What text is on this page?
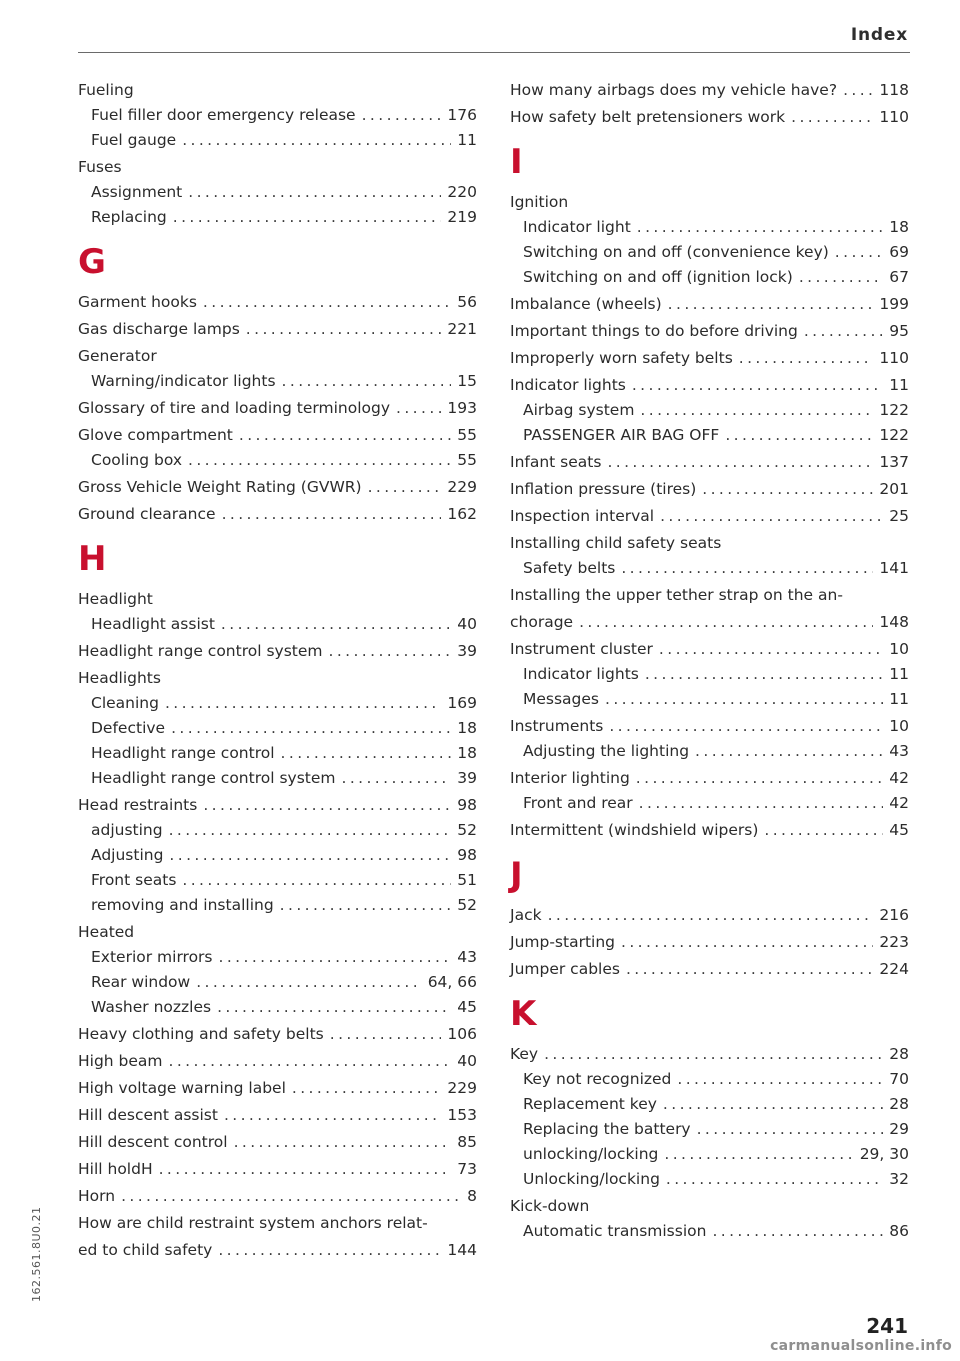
Index
Fueling
Fuel filler door emergency release .....	176
Fuel gauge .....	11
Fuses
Assignment .....	220
Replacing .....	219
G
Garment hooks .....	56
Gas discharge lamps .....	221
Generator
Warning/indicator lights .....	15
Glossary of tire and loading terminology .....	193
Glove compartment .....	55
Cooling box .....	55
Gross Vehicle Weight Rating (GVWR) .....	229
Ground clearance .....	162
H
Headlight
Headlight assist .....	40
Headlight range control system .....	39
Headlights
Cleaning .....	169
Defective .....	18
Headlight range control .....	18
Headlight range control system .....	39
Head restraints .....	98
adjusting .....	52
Adjusting .....	98
Front seats .....	51
removing and installing .....	52
Heated
Exterior mirrors .....	43
Rear window .....	64, 66
Washer nozzles .....	45
Heavy clothing and safety belts .....	106
High beam .....	40
High voltage warning label .....	229
Hill descent assist .....	153
Hill descent control .....	85
Hill holdH .....	73
Horn .....	8
How are child restraint system anchors relat-
ed to child safety .....	144
How many airbags does my vehicle have? .....	118
How safety belt pretensioners work .....	110
I
Ignition
Indicator light .....	18
Switching on and off (convenience key) .....	69
Switching on and off (ignition lock) .....	67
Imbalance (wheels) .....	199
Important things to do before driving .....	95
Improperly worn safety belts .....	110
Indicator lights .....	11
Airbag system .....	122
PASSENGER AIR BAG OFF .....	122
Infant seats .....	137
Inflation pressure (tires) .....	201
Inspection interval .....	25
Installing child safety seats
Safety belts .....	141
Installing the upper tether strap on the an-
chorage .....	148
Instrument cluster .....	10
Indicator lights .....	11
Messages .....	11
Instruments .....	10
Adjusting the lighting .....	43
Interior lighting .....	42
Front and rear .....	42
Intermittent (windshield wipers) .....	45
J
Jack .....	216
Jump-starting .....	223
Jumper cables .....	224
K
Key .....	28
Key not recognized .....	70
Replacement key .....	28
Replacing the battery .....	29
unlocking/locking .....	29, 30
Unlocking/locking .....	32
Kick-down
Automatic transmission .....	86
162.561.8U0.21
241
carmanualsonline.info
